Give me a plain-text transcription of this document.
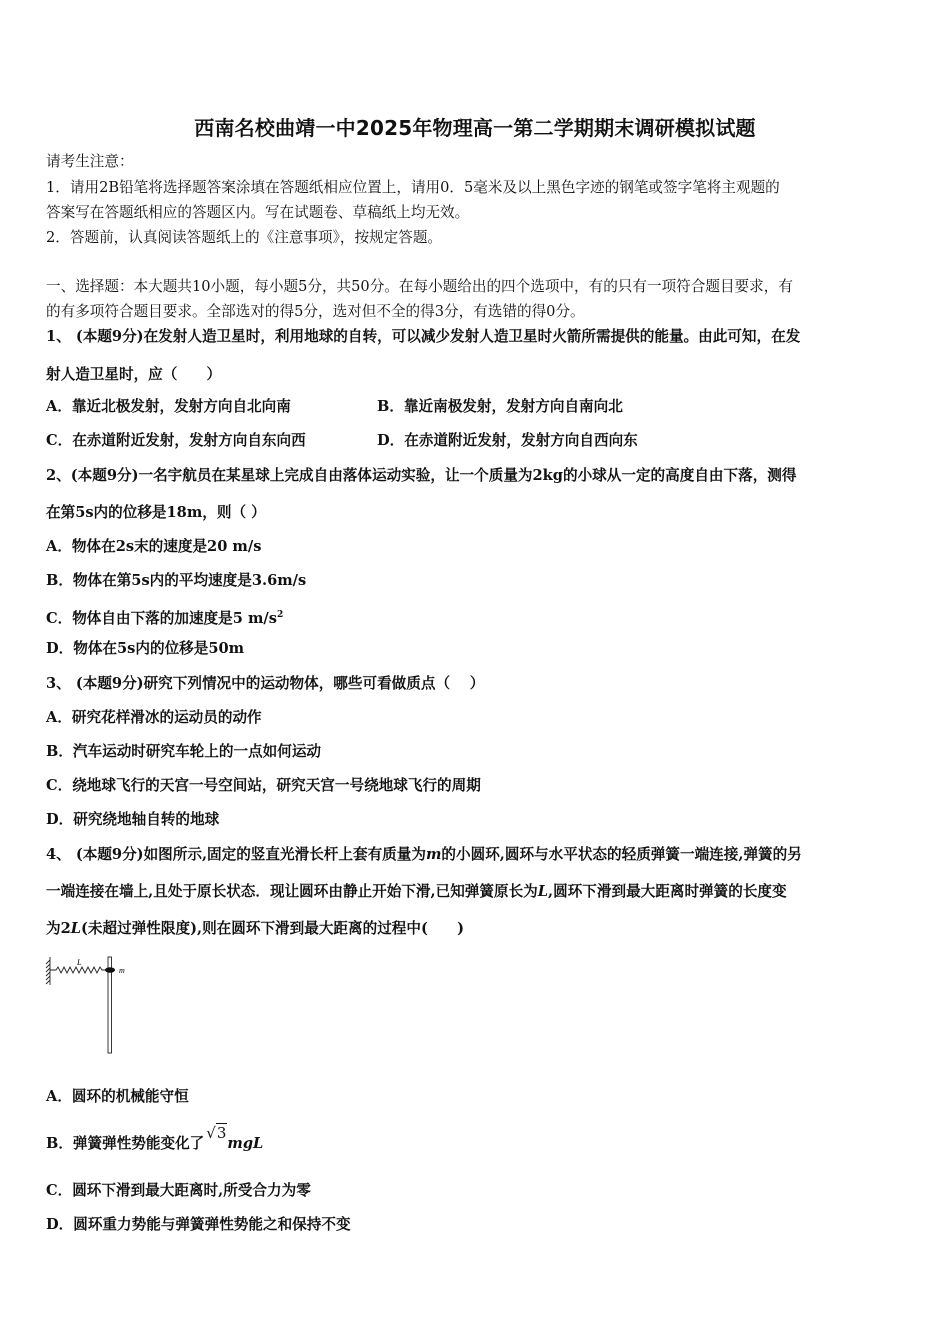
西南名校曲靖一中2025年物理高一第二学期期末调研模拟试题
请考生注意：
1．请用2B铅笔将选择题答案涂填在答题纸相应位置上，请用0．5毫米及以上黑色字迹的钢笔或签字笔将主观题的
答案写在答题纸相应的答题区内。写在试题卷、草稿纸上均无效。
2．答题前，认真阅读答题纸上的《注意事项》，按规定答题。
一、选择题：本大题共10小题，每小题5分，共50分。在每小题给出的四个选项中，有的只有一项符合题目要求，有
的有多项符合题目要求。全部选对的得5分，选对但不全的得3分，有选错的得0分。
1、 (本题9分)在发射人造卫星时，利用地球的自转，可以减少发射人造卫星时火箭所需提供的能量。由此可知，在发
射人造卫星时，应（　　）
A．靠近北极发射，发射方向自北向南	B．靠近南极发射，发射方向自南向北
C．在赤道附近发射，发射方向自东向西	D．在赤道附近发射，发射方向自西向东
2、(本题9分)一名宇航员在某星球上完成自由落体运动实验，让一个质量为2kg的小球从一定的高度自由下落，测得
在第5s内的位移是18m，则（ ）
A．物体在2s末的速度是20 m/s
B．物体在第5s内的平均速度是3.6m/s
C．物体自由下落的加速度是5 $m/s^2$
D．物体在5s内的位移是50m
3、 (本题9分)研究下列情况中的运动物体，哪些可看做质点（　 ）
A．研究花样滑冰的运动员的动作
B．汽车运动时研究车轮上的一点如何运动
C．绕地球飞行的天宫一号空间站，研究天宫一号绕地球飞行的周期
D．研究绕地轴自转的地球
4、 (本题9分)如图所示,固定的竖直光滑长杆上套有质量为m的小圆环,圆环与水平状态的轻质弹簧一端连接,弹簧的另
一端连接在墙上,且处于原长状态．现让圆环由静止开始下滑,已知弹簧原长为L,圆环下滑到最大距离时弹簧的长度变
为2L(未超过弹性限度),则在圆环下滑到最大距离的过程中(　　)
L
m
A．圆环的机械能守恒
B．弹簧弹性势能变化了√3mgL
C．圆环下滑到最大距离时,所受合力为零
D．圆环重力势能与弹簧弹性势能之和保持不变
